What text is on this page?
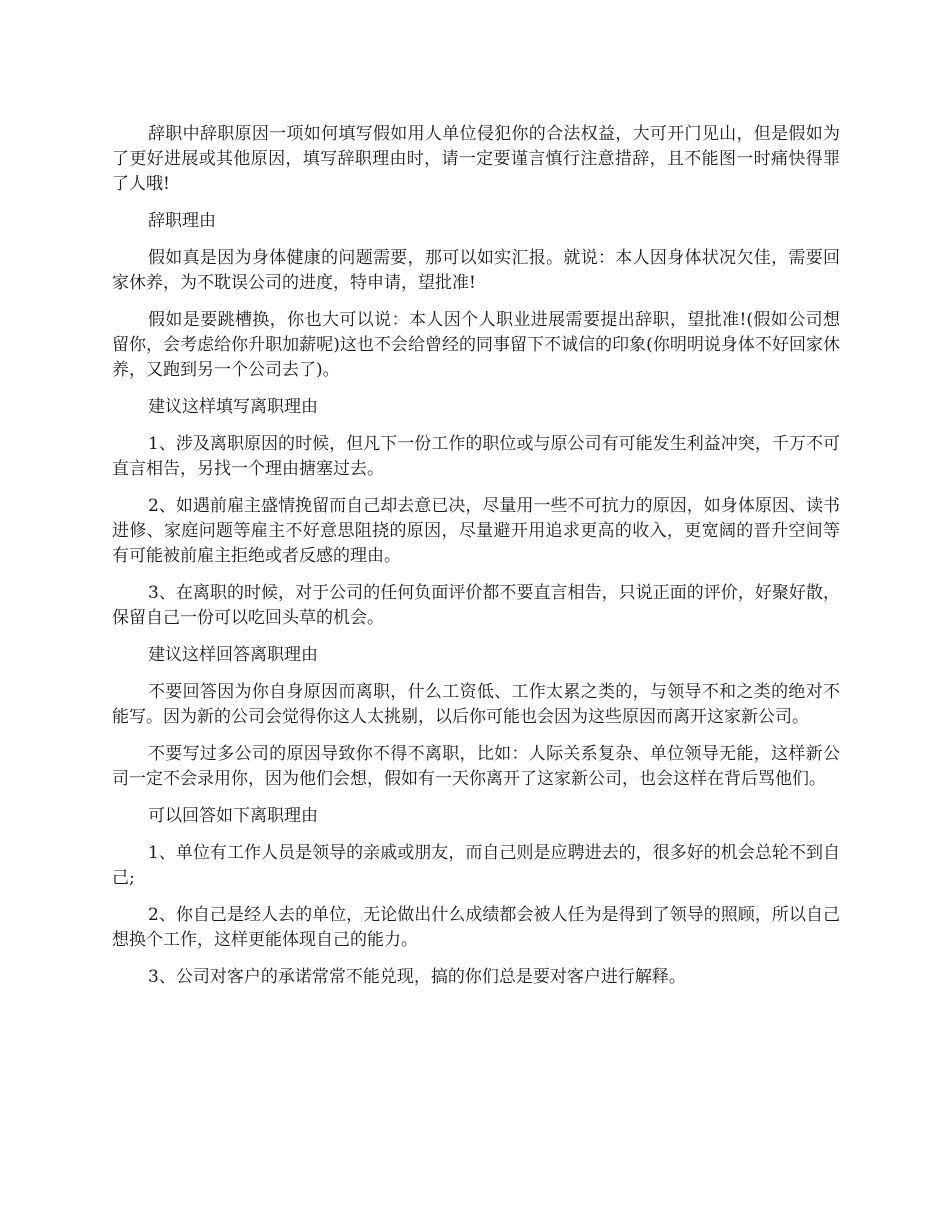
辞职中辞职原因一项如何填写假如用人单位侵犯你的合法权益，大可开门见山，但是假如为了更好进展或其他原因，填写辞职理由时，请一定要谨言慎行注意措辞，且不能图一时痛快得罪了人哦!

辞职理由

假如真是因为身体健康的问题需要，那可以如实汇报。就说：本人因身体状况欠佳，需要回家休养，为不耽误公司的进度，特申请，望批准!

假如是要跳槽换，你也大可以说：本人因个人职业进展需要提出辞职，望批准!(假如公司想留你，会考虑给你升职加薪呢)这也不会给曾经的同事留下不诚信的印象(你明明说身体不好回家休养，又跑到另一个公司去了)。

建议这样填写离职理由

1、涉及离职原因的时候，但凡下一份工作的职位或与原公司有可能发生利益冲突，千万不可直言相告，另找一个理由搪塞过去。

2、如遇前雇主盛情挽留而自己却去意已决，尽量用一些不可抗力的原因，如身体原因、读书进修、家庭问题等雇主不好意思阻挠的原因，尽量避开用追求更高的收入，更宽阔的晋升空间等有可能被前雇主拒绝或者反感的理由。

3、在离职的时候，对于公司的任何负面评价都不要直言相告，只说正面的评价，好聚好散，保留自己一份可以吃回头草的机会。

建议这样回答离职理由

不要回答因为你自身原因而离职，什么工资低、工作太累之类的，与领导不和之类的绝对不能写。因为新的公司会觉得你这人太挑剔，以后你可能也会因为这些原因而离开这家新公司。

不要写过多公司的原因导致你不得不离职，比如：人际关系复杂、单位领导无能，这样新公司一定不会录用你，因为他们会想，假如有一天你离开了这家新公司，也会这样在背后骂他们。

可以回答如下离职理由

1、单位有工作人员是领导的亲戚或朋友，而自己则是应聘进去的，很多好的机会总轮不到自己;

2、你自己是经人去的单位，无论做出什么成绩都会被人任为是得到了领导的照顾，所以自己想换个工作，这样更能体现自己的能力。

3、公司对客户的承诺常常不能兑现，搞的你们总是要对客户进行解释。
